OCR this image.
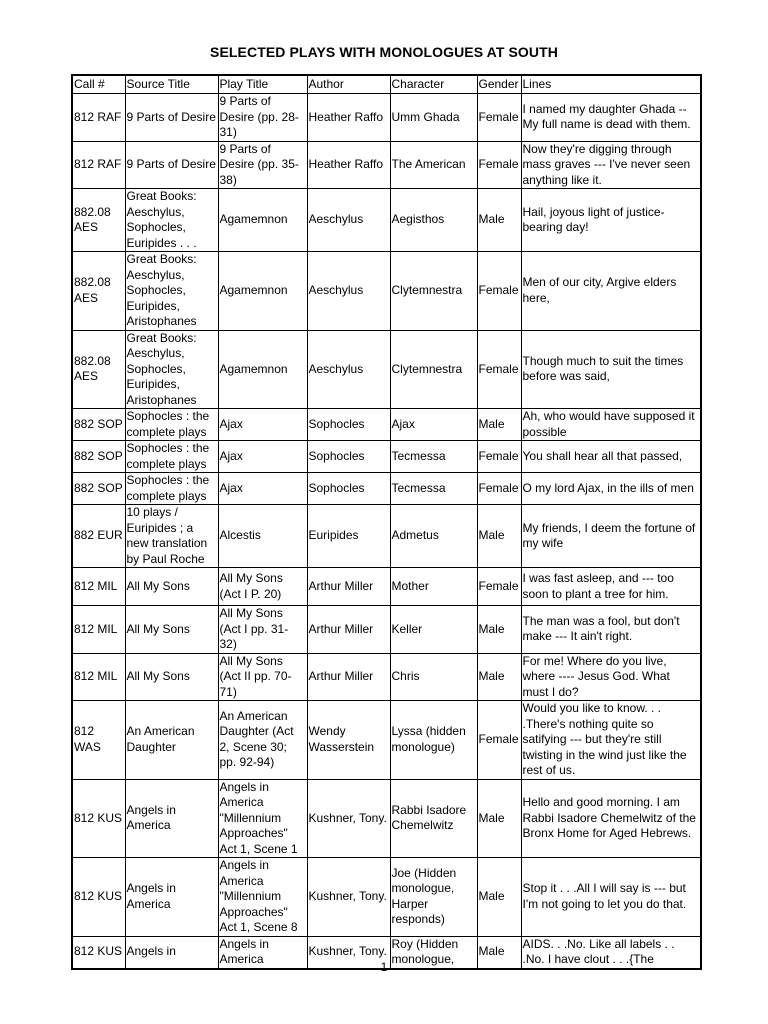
SELECTED PLAYS WITH MONOLOGUES AT SOUTH
Call #	Source Title	Play Title	Author	Character	Gender	Lines
812 RAF	9 Parts of Desire	9 Parts of Desire (pp. 28-31)	Heather Raffo	Umm Ghada	Female	I named my daughter Ghada -- My full name is dead with them.
812 RAF	9 Parts of Desire	9 Parts of Desire (pp. 35-38)	Heather Raffo	The American	Female	Now they're digging through mass graves --- I've never seen anything like it.
882.08 AES	Great Books: Aeschylus, Sophocles, Euripides . . .	Agamemnon	Aeschylus	Aegisthos	Male	Hail, joyous light of justice-bearing day!
882.08 AES	Great Books: Aeschylus, Sophocles, Euripides, Aristophanes	Agamemnon	Aeschylus	Clytemnestra	Female	Men of our city, Argive elders here,
882.08 AES	Great Books: Aeschylus, Sophocles, Euripides, Aristophanes	Agamemnon	Aeschylus	Clytemnestra	Female	Though much to suit the times before was said,
882 SOP	Sophocles : the complete plays	Ajax	Sophocles	Ajax	Male	Ah, who would have supposed it possible
882 SOP	Sophocles : the complete plays	Ajax	Sophocles	Tecmessa	Female	You shall hear all that passed,
882 SOP	Sophocles : the complete plays	Ajax	Sophocles	Tecmessa	Female	O my lord Ajax, in the ills of men
882 EUR	10 plays / Euripides ; a new translation by Paul Roche	Alcestis	Euripides	Admetus	Male	My friends, I deem the fortune of my wife
812 MIL	All My Sons	All My Sons (Act I P. 20)	Arthur Miller	Mother	Female	I was fast asleep, and --- too soon to plant a tree for him.
812 MIL	All My Sons	All My Sons (Act I pp. 31-32)	Arthur Miller	Keller	Male	The man was a fool, but don't make --- It ain't right.
812 MIL	All My Sons	All My Sons (Act II pp. 70-71)	Arthur Miller	Chris	Male	For me! Where do you live, where ---- Jesus God. What must I do?
812 WAS	An American Daughter	An American Daughter (Act 2, Scene 30; pp. 92-94)	Wendy Wasserstein	Lyssa (hidden monologue)	Female	Would you like to know. . . .There's nothing quite so satifying --- but they're still twisting in the wind just like the rest of us.
812 KUS	Angels in America	Angels in America "Millennium Approaches" Act 1, Scene 1	Kushner, Tony.	Rabbi Isadore Chemelwitz	Male	Hello and good morning. I am Rabbi Isadore Chemelwitz of the Bronx Home for Aged Hebrews.
812 KUS	Angels in America	Angels in America "Millennium Approaches" Act 1, Scene 8	Kushner, Tony.	Joe (Hidden monologue, Harper responds)	Male	Stop it . . .All I will say is --- but I'm not going to let you do that.
812 KUS	Angels in	Angels in America	Kushner, Tony.	Roy (Hidden monologue,	Male	AIDS. . .No. Like all labels . . .No. I have clout . . .{The
1
